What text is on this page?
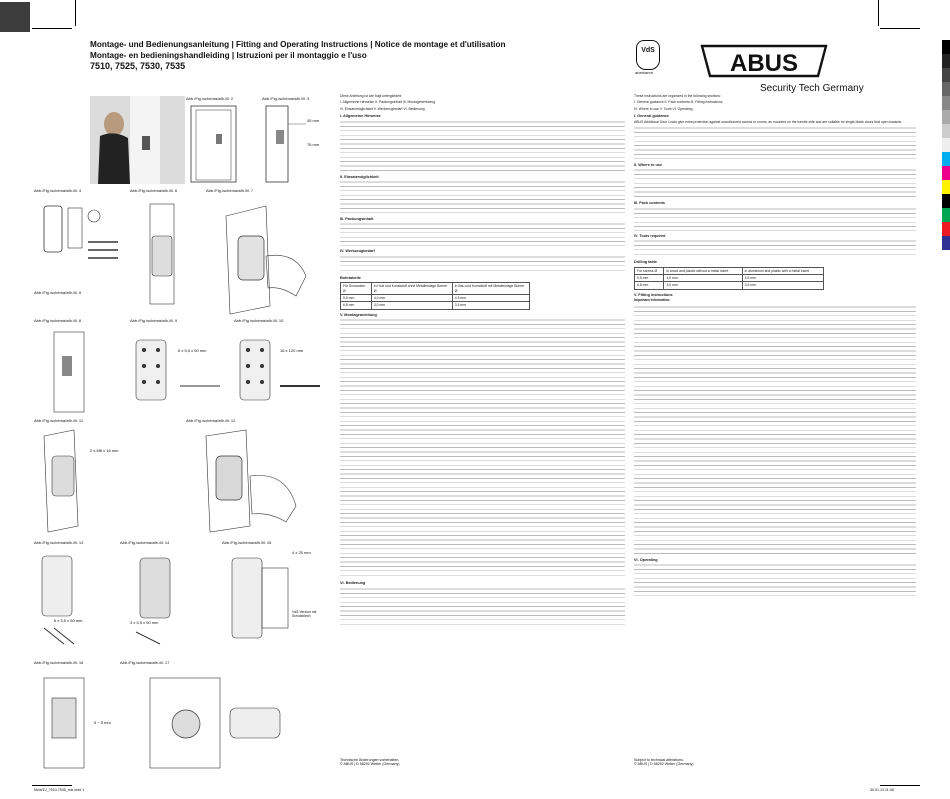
Montage- und Bedienungsanleitung | Fitting and Operating Instructions | Notice de montage et d'utilisation
Montage- en bedieningshandleiding | Istruzioni per il montaggio e l'uso
7510, 7525, 7530, 7535
VdS
anerkannt	ABUS
Security Tech Germany
Abb./Fig./schéma/afb./ill. 2	Abb./Fig./schéma/afb./ill. 3
45 mm
76 mm
Abb./Fig./schéma/afb./ill. 4
Abb./Fig./schéma/afb./ill. 5
Abb./Fig./schéma/afb./ill. 6	Abb./Fig./schéma/afb./ill. 7
Abb./Fig./schéma/afb./ill. 8	Abb./Fig./schéma/afb./ill. 9
6 x 5,5 x 50 mm
Abb./Fig./schéma/afb./ill. 10
16 x 120 mm
Abb./Fig./schéma/afb./ill. 11
2 x M6 x 16 mm
Abb./Fig./schéma/afb./ill. 12
Abb./Fig./schéma/afb./ill. 13
6 x 5,5 x 50 mm
Abb./Fig./schéma/afb./ill. 14
3 x 5,5 x 50 mm
Abb./Fig./schéma/afb./ill. 15
4 x 25 mm
VdS-Version mit Schutzblech
Abb./Fig./schéma/afb./ill. 16
5 ~ 5 mm
Abb./Fig./schéma/afb./ill. 17

Diese Anleitung ist wie folgt untergliedert:

I. Allgemeine Hinweise II. Packungsinhalt III. Montagewerkzeug

IV. Einsatzmöglichkeit V. Werkzeugbedarf VI. Bedienung

I. Allgemeine Hinweise
II. Einsatzmöglichkeit
III. Packungsinhalt
IV. Werkzeugbedarf
Bohrtabelle
Für Schrauben Ø	in Holz und Kunststoff ohne Metalleinlage Bohrer Ø	in Bau und Kunststoff mit Metalleinlage Bohrer Ø
5,5 mm	4,0 mm	4,5 mm
6,8 mm	3,0 mm	3,5 mm
V. Montageanleitung
VI. Bedienung

These instructions are organized in the following sections:

I. General guidance II. Pack contents III. Fitting instructions

IV. Where to use V. Tools VI. Operating

I. General guidance

ABUS Additional Door Locks give extra protection against unauthorized access to rooms, as mounted on the handle side and are suitable for single-blade doors that open inwards.

II. Where to use
III. Pack contents
IV. Tools required
Drilling table
For screws Ø	in wood and plastic without a metal insert	in aluminium and plastic with a metal insert
5,5 mm	4,0 mm	4,5 mm
6,8 mm	3,0 mm	3,5 mm
V. Fitting instructions

Important information:

VI. Operating
Technische Änderungen vorbehalten.
© ABUS | D 58292 Wetter (Germany)
Subject to technical alterations.
© ABUS | D 58292 Wetter (Germany)
Multi/ZJ_7510-7535_mix.indd 1	30.01.13 11:38
